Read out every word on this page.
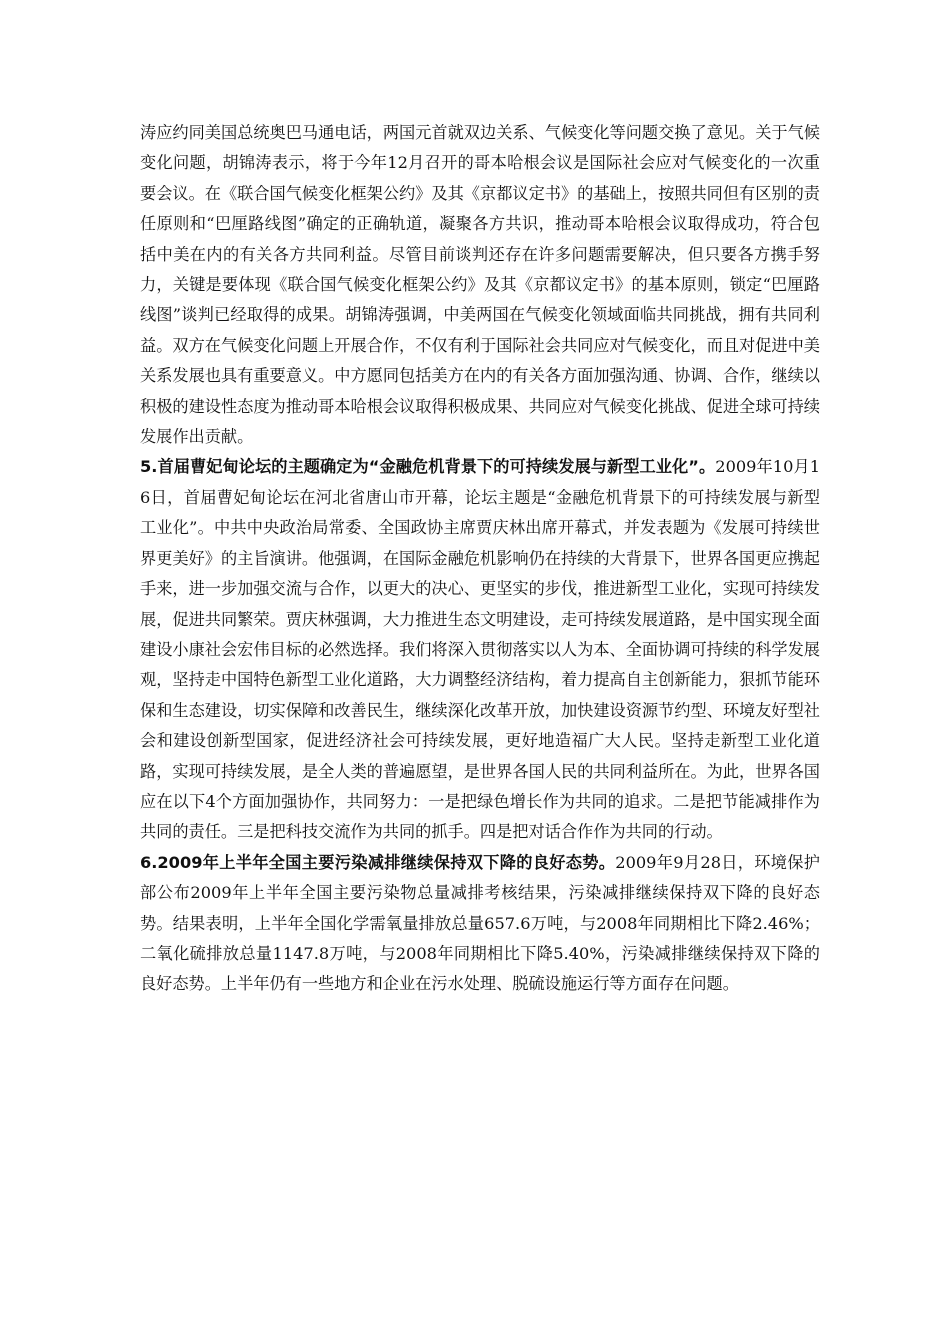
涛应约同美国总统奥巴马通电话，两国元首就双边关系、气候变化等问题交换了意见。关于气候变化问题，胡锦涛表示，将于今年12月召开的哥本哈根会议是国际社会应对气候变化的一次重要会议。在《联合国气候变化框架公约》及其《京都议定书》的基础上，按照共同但有区别的责任原则和“巴厘路线图”确定的正确轨道，凝聚各方共识，推动哥本哈根会议取得成功，符合包括中美在内的有关各方共同利益。尽管目前谈判还存在许多问题需要解决，但只要各方携手努力，关键是要体现《联合国气候变化框架公约》及其《京都议定书》的基本原则，锁定“巴厘路线图”谈判已经取得的成果。胡锦涛强调，中美两国在气候变化领域面临共同挑战，拥有共同利益。双方在气候变化问题上开展合作，不仅有利于国际社会共同应对气候变化，而且对促进中美关系发展也具有重要意义。中方愿同包括美方在内的有关各方面加强沟通、协调、合作，继续以积极的建设性态度为推动哥本哈根会议取得积极成果、共同应对气候变化挑战、促进全球可持续发展作出贡献。

5.首届曹妃甸论坛的主题确定为“金融危机背景下的可持续发展与新型工业化”。2009年10月16日，首届曹妃甸论坛在河北省唐山市开幕，论坛主题是“金融危机背景下的可持续发展与新型工业化”。中共中央政治局常委、全国政协主席贾庆林出席开幕式，并发表题为《发展可持续世界更美好》的主旨演讲。他强调，在国际金融危机影响仍在持续的大背景下，世界各国更应携起手来，进一步加强交流与合作，以更大的决心、更坚实的步伐，推进新型工业化，实现可持续发展，促进共同繁荣。贾庆林强调，大力推进生态文明建设，走可持续发展道路，是中国实现全面建设小康社会宏伟目标的必然选择。我们将深入贯彻落实以人为本、全面协调可持续的科学发展观，坚持走中国特色新型工业化道路，大力调整经济结构，着力提高自主创新能力，狠抓节能环保和生态建设，切实保障和改善民生，继续深化改革开放，加快建设资源节约型、环境友好型社会和建设创新型国家，促进经济社会可持续发展，更好地造福广大人民。坚持走新型工业化道路，实现可持续发展，是全人类的普遍愿望，是世界各国人民的共同利益所在。为此，世界各国应在以下4个方面加强协作，共同努力：一是把绿色增长作为共同的追求。二是把节能减排作为共同的责任。三是把科技交流作为共同的抓手。四是把对话合作作为共同的行动。

6.2009年上半年全国主要污染减排继续保持双下降的良好态势。2009年9月28日，环境保护部公布2009年上半年全国主要污染物总量减排考核结果，污染减排继续保持双下降的良好态势。结果表明，上半年全国化学需氧量排放总量657.6万吨，与2008年同期相比下降2.46%；二氧化硫排放总量1147.8万吨，与2008年同期相比下降5.40%，污染减排继续保持双下降的良好态势。上半年仍有一些地方和企业在污水处理、脱硫设施运行等方面存在问题。
